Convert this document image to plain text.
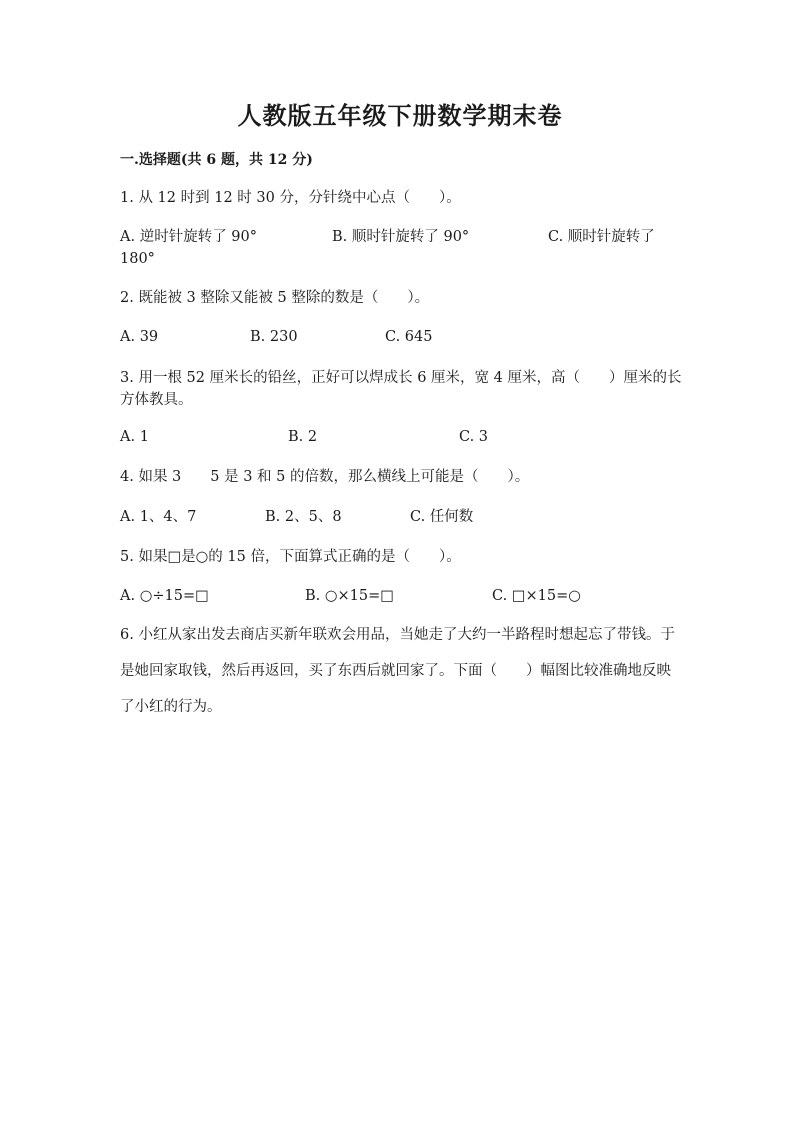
人教版五年级下册数学期末卷
一.选择题(共 6 题，共 12 分)
1. 从 12 时到 12 时 30 分，分针绕中心点（　　）。
A. 逆时针旋转了 90°	B. 顺时针旋转了 90°	C. 顺时针旋转了
180°
2. 既能被 3 整除又能被 5 整除的数是（　　）。
A. 39	B. 230	C. 645
3. 用一根 52 厘米长的铅丝，正好可以焊成长 6 厘米，宽 4 厘米，高（　　）厘米的长方体教具。
A. 1	B. 2	C. 3
4. 如果 3　　5 是 3 和 5 的倍数，那么横线上可能是（　　）。
A. 1、4、7	B. 2、5、8	C. 任何数
5. 如果□是○的 15 倍，下面算式正确的是（　　）。
A. ○÷15=□	B. ○×15=□	C. □×15=○
6. 小红从家出发去商店买新年联欢会用品，当她走了大约一半路程时想起忘了带钱。于是她回家取钱，然后再返回，买了东西后就回家了。下面（　　）幅图比较准确地反映了小红的行为。
